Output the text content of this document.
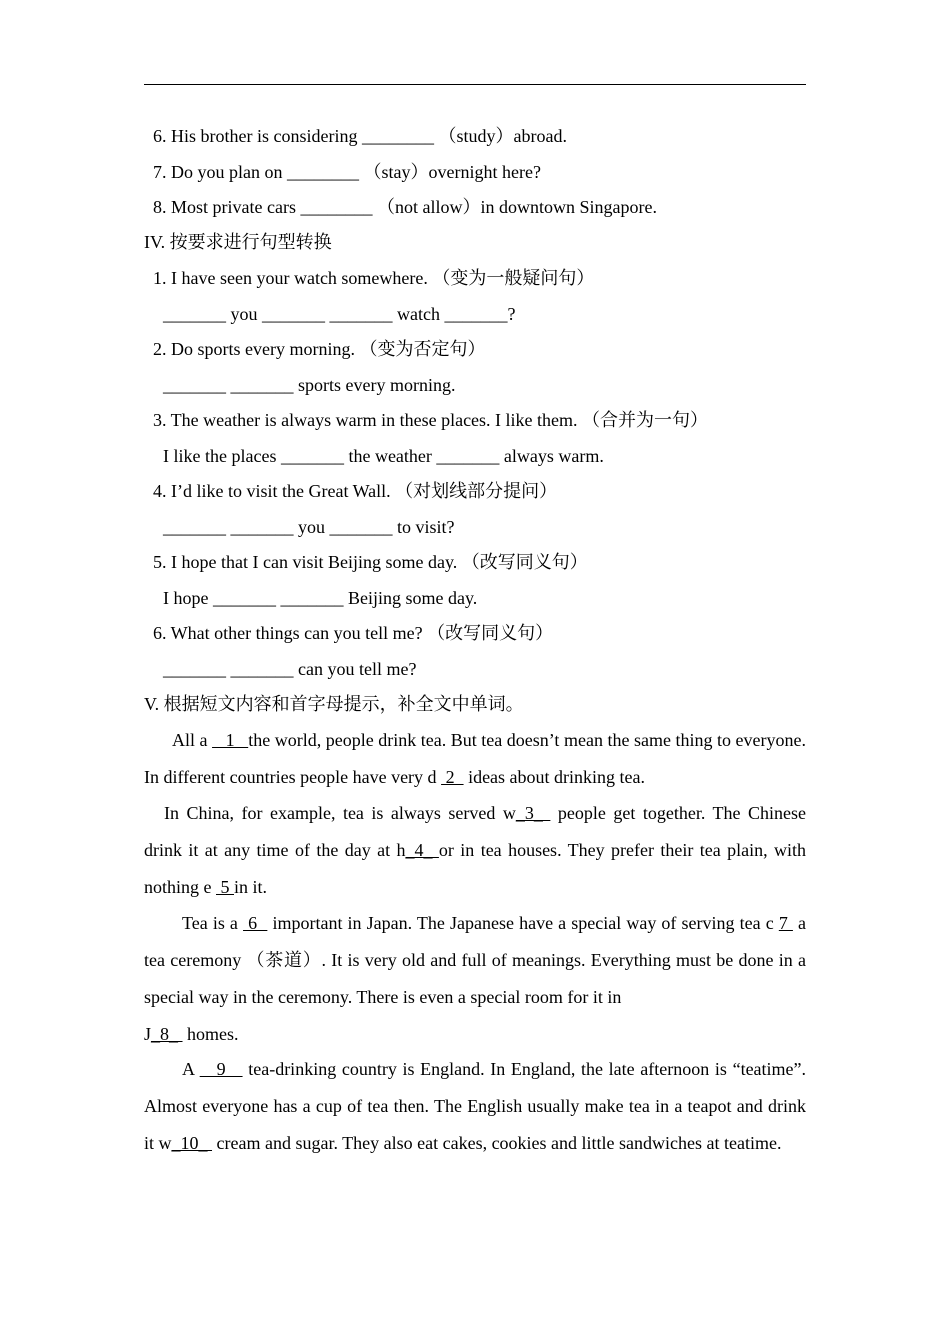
6. His brother is considering ________ （study）abroad.
7. Do you plan on ________ （stay）overnight here?
8. Most private cars ________ （not allow）in downtown Singapore.
IV. 按要求进行句型转换
1. I have seen your watch somewhere. （变为一般疑问句）
_______ you _______ _______ watch _______?
2. Do sports every morning. （变为否定句）
_______ _______ sports every morning.
3. The weather is always warm in these places. I like them. （合并为一句）
I like the places _______ the weather _______ always warm.
4. I’d like to visit the Great Wall. （对划线部分提问）
_______ _______ you _______ to visit?
5. I hope that I can visit Beijing some day. （改写同义句）
I hope _______ _______ Beijing some day.
6. What other things can you tell me? （改写同义句）
_______ _______ can you tell me?
V. 根据短文内容和首字母提示，补全文中单词。
All a    1   the world, people drink tea. But tea doesn’t mean the same thing to everyone. In different countries people have very d  2   ideas about drinking tea.
In China, for example, tea is always served w_3_  people get together. The Chinese drink it at any time of the day at h_4_ or in tea houses. They prefer their tea plain, with nothing e  5 in it.
Tea is a  6   important in Japan. The Japanese have a special way of serving tea c 7  a tea ceremony （茶道）. It is very old and full of meanings. Everything must be done in a special way in the ceremony. There is even a special room for it in
J_8_  homes.
A    9    tea-drinking country is England. In England, the late afternoon is “teatime”. Almost everyone has a cup of tea then. The English usually make tea in a teapot and drink it w_10_  cream and sugar. They also eat cakes, cookies and little sandwiches at teatime.
